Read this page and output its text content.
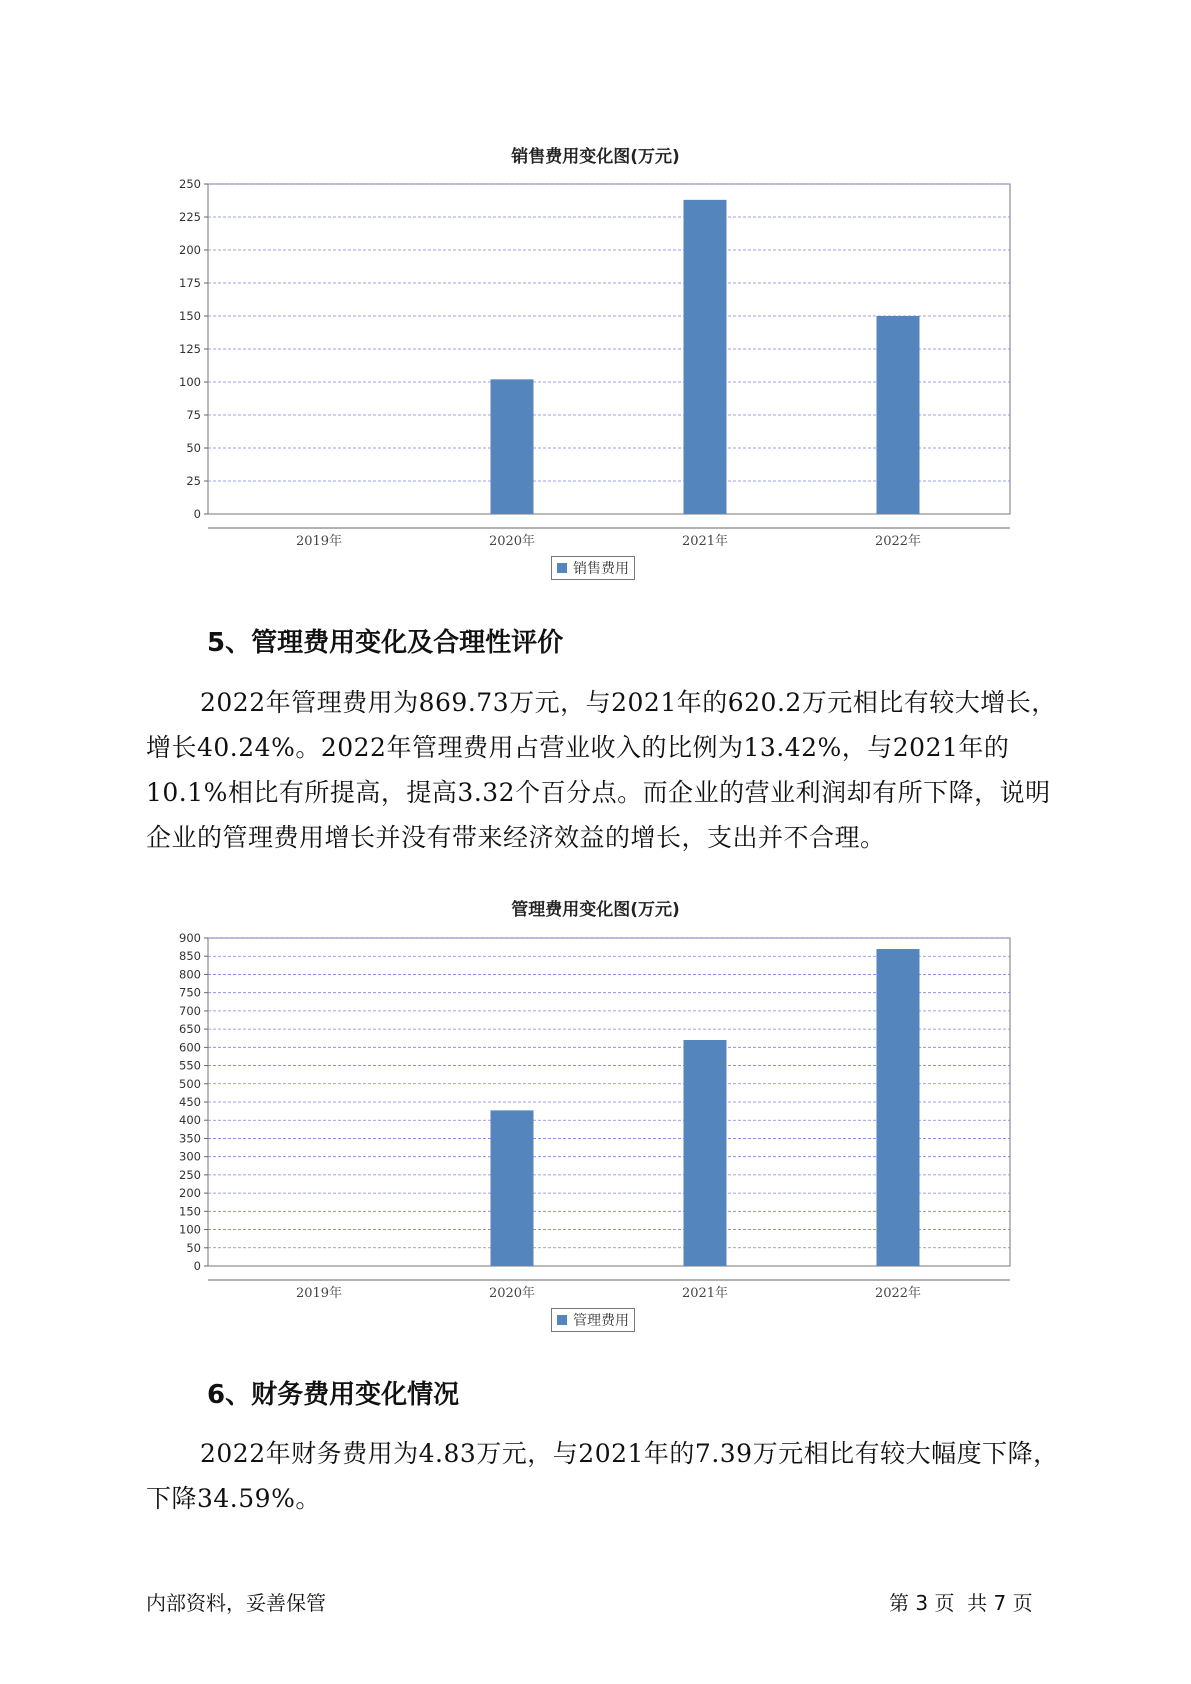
销售费用变化图(万元)
0
25
50
75
100
125
150
175
200
225
250
2019年	2020年	2021年	2022年
销售费用
5、管理费用变化及合理性评价

2022年管理费用为869.73万元，与2021年的620.2万元相比有较大增长，增长40.24%。2022年管理费用占营业收入的比例为13.42%，与2021年的10.1%相比有所提高，提高3.32个百分点。而企业的营业利润却有所下降，说明企业的管理费用增长并没有带来经济效益的增长，支出并不合理。

管理费用变化图(万元)
0
50
100
150
200
250
300
350
400
450
500
550
600
650
700
750
800
850
900
2019年	2020年	2021年	2022年
管理费用
6、财务费用变化情况

2022年财务费用为4.83万元，与2021年的7.39万元相比有较大幅度下降，下降34.59%。

内部资料，妥善保管	第 3 页  共 7 页
